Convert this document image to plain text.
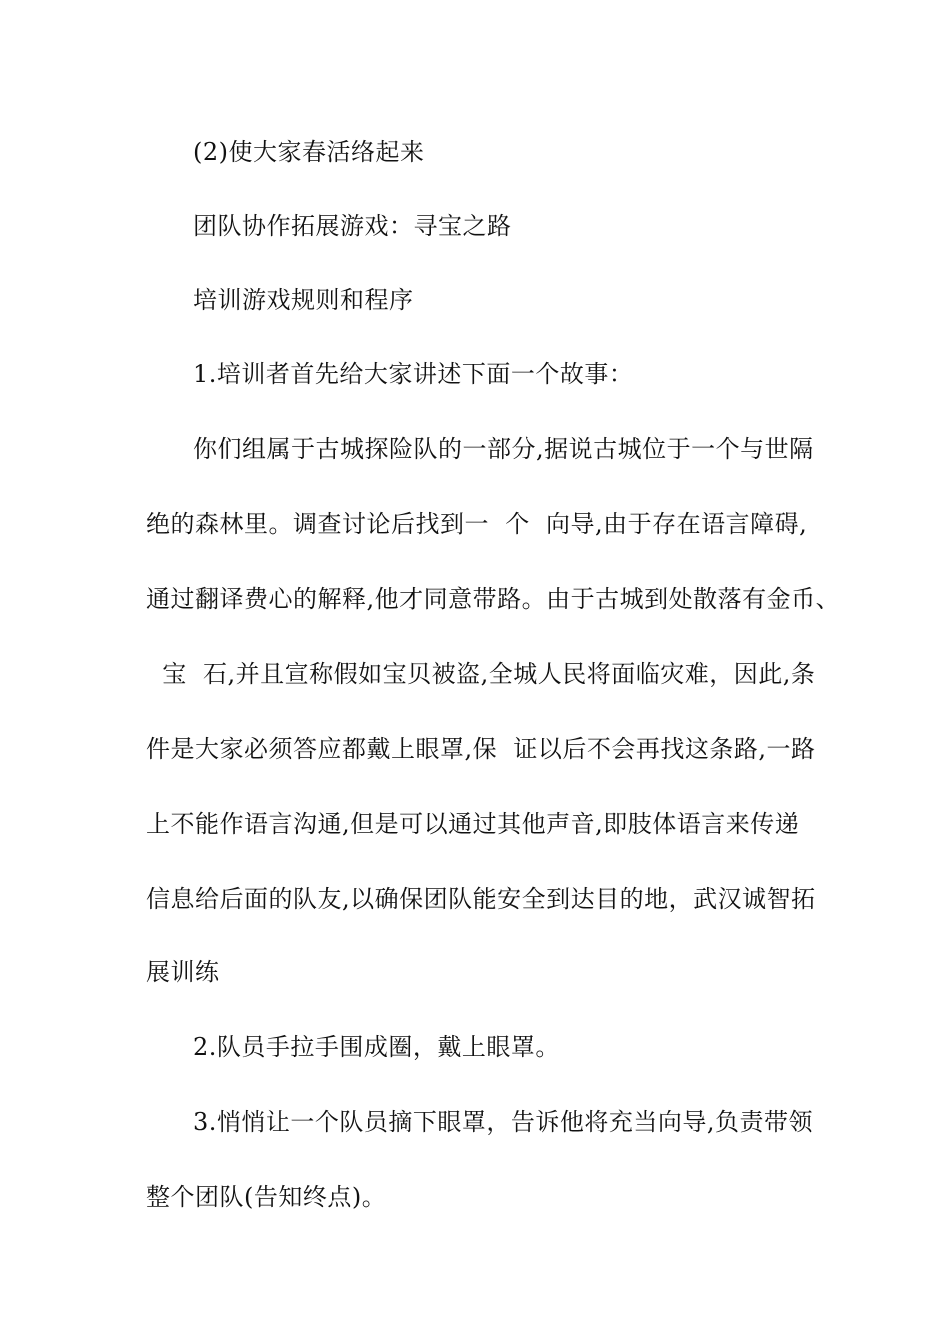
(2)使大家春活络起来
团队协作拓展游戏：寻宝之路
培训游戏规则和程序
1.培训者首先给大家讲述下面一个故事：
你们组属于古城探险队的一部分,据说古城位于一个与世隔
绝的森林里。调查讨论后找到一  个  向导,由于存在语言障碍,
通过翻译费心的解释,他才同意带路。由于古城到处散落有金币、
宝  石,并且宣称假如宝贝被盗,全城人民将面临灾难，因此,条
件是大家必须答应都戴上眼罩,保  证以后不会再找这条路,一路
上不能作语言沟通,但是可以通过其他声音,即肢体语言来传递
信息给后面的队友,以确保团队能安全到达目的地，武汉诚智拓
展训练
2.队员手拉手围成圈，戴上眼罩。
3.悄悄让一个队员摘下眼罩，告诉他将充当向导,负责带领
整个团队(告知终点)。
